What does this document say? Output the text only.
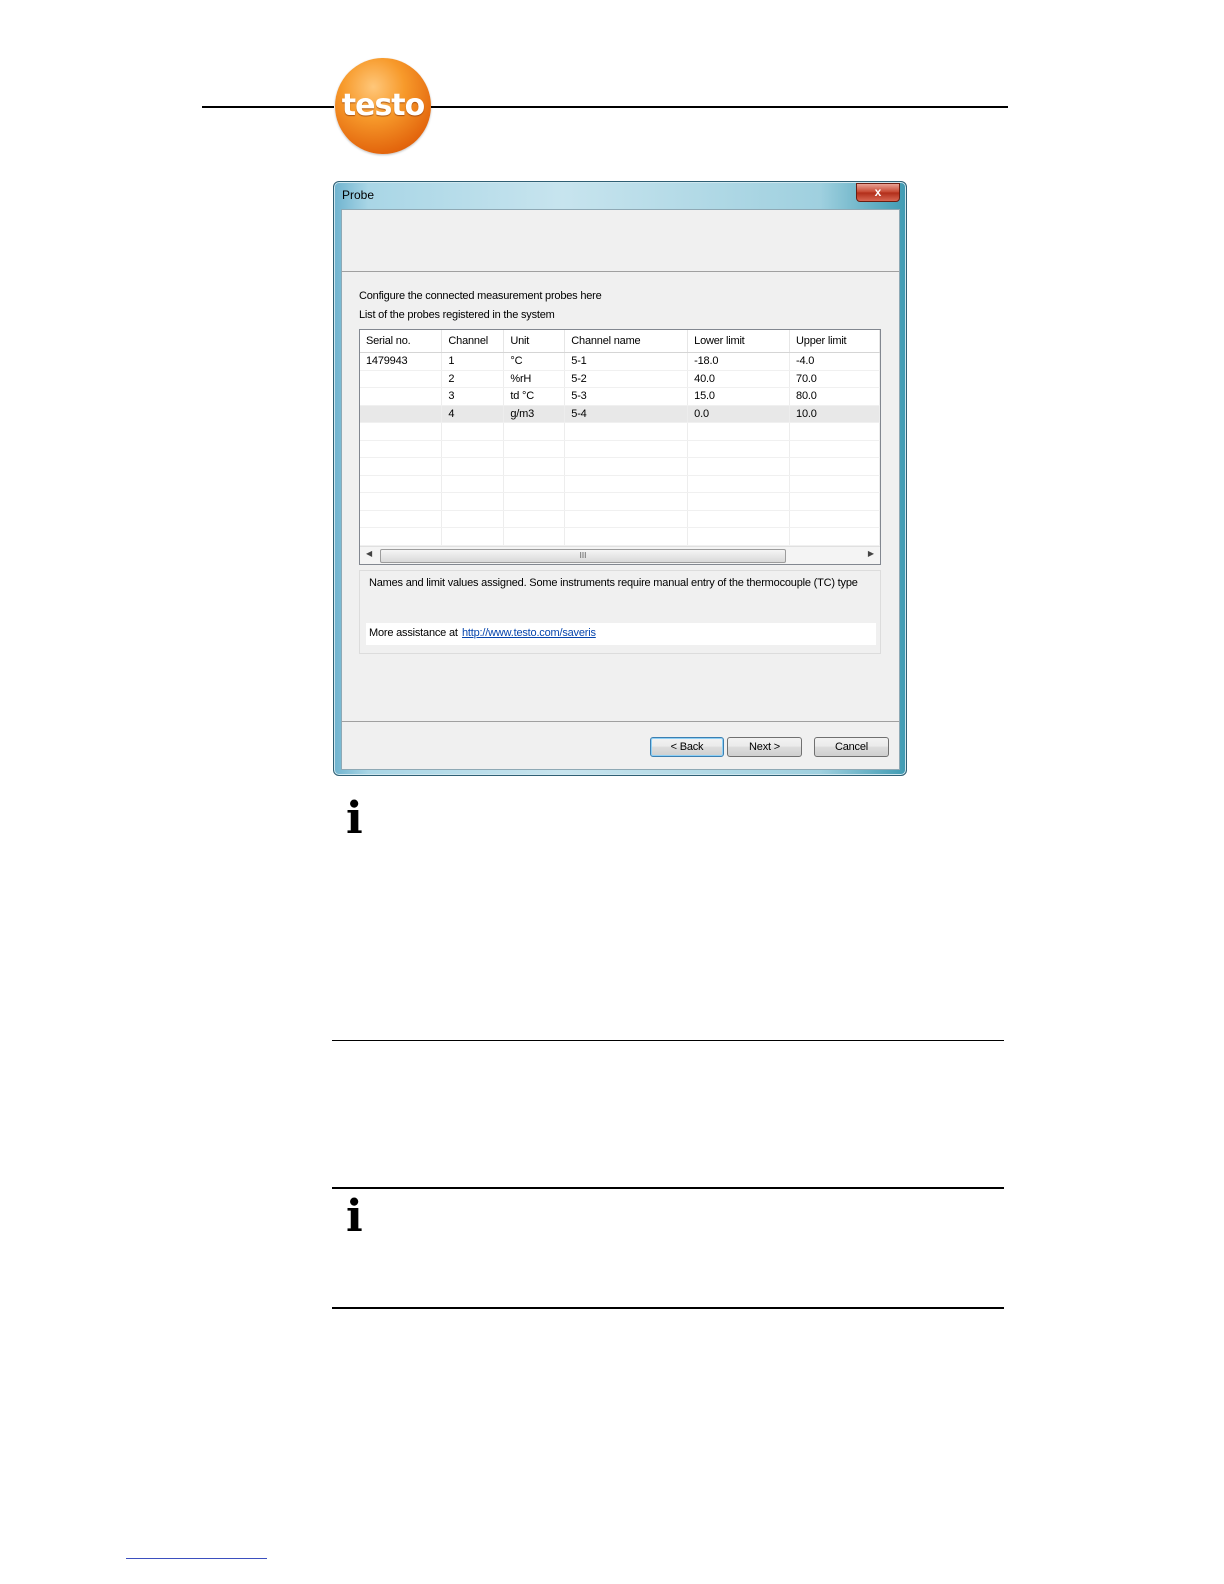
testo
Probe	x
Configure the connected measurement probes here
List of the probes registered in the system
Serial no.	Channel	Unit	Channel name	Lower limit	Upper limit
1479943	1	°C	5-1	-18.0	-4.0
	2	%rH	5-2	40.0	70.0
	3	td °C	5-3	15.0	80.0
	4	g/m3	5-4	0.0	10.0

◀	III	▶
Names and limit values assigned. Some instruments require manual entry of the thermocouple (TC) type
More assistance at http://www.testo.com/saveris
< Back	Next >	Cancel
i
i
